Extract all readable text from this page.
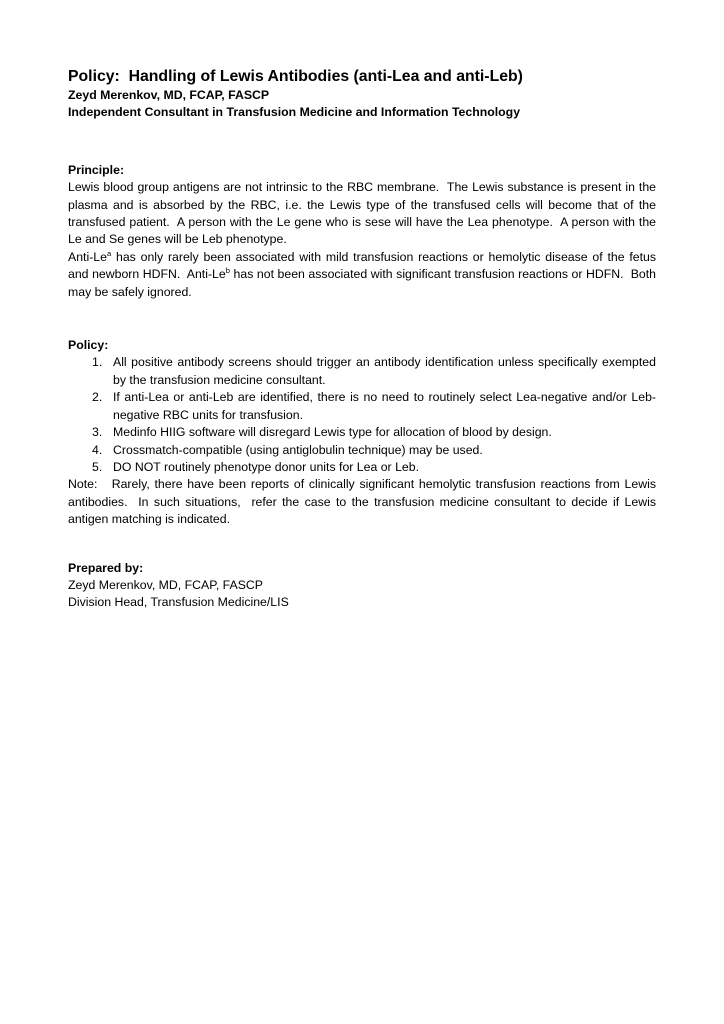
Policy:  Handling of Lewis Antibodies (anti-Lea and anti-Leb)

Zeyd Merenkov, MD, FCAP, FASCP

Independent Consultant in Transfusion Medicine and Information Technology

Principle:

Lewis blood group antigens are not intrinsic to the RBC membrane.  The Lewis substance is present in the plasma and is absorbed by the RBC, i.e. the Lewis type of the transfused cells will become that of the transfused patient.  A person with the Le gene who is sese will have the Lea phenotype.  A person with the Le and Se genes will be Leb phenotype.

Anti-Le$^a$ has only rarely been associated with mild transfusion reactions or hemolytic disease of the fetus and newborn HDFN.  Anti-Le$^b$ has not been associated with significant transfusion reactions or HDFN.  Both may be safely ignored.

Policy:

1. All positive antibody screens should trigger an antibody identification unless specifically exempted by the transfusion medicine consultant.
2. If anti-Lea or anti-Leb are identified, there is no need to routinely select Lea-negative and/or Leb-negative RBC units for transfusion.
3. Medinfo HIIG software will disregard Lewis type for allocation of blood by design.
4. Crossmatch-compatible (using antiglobulin technique) may be used.
5. DO NOT routinely phenotype donor units for Lea or Leb.

Note:   Rarely, there have been reports of clinically significant hemolytic transfusion reactions from Lewis antibodies.  In such situations,  refer the case to the transfusion medicine consultant to decide if Lewis antigen matching is indicated.

Prepared by:

Zeyd Merenkov, MD, FCAP, FASCP

Division Head, Transfusion Medicine/LIS
